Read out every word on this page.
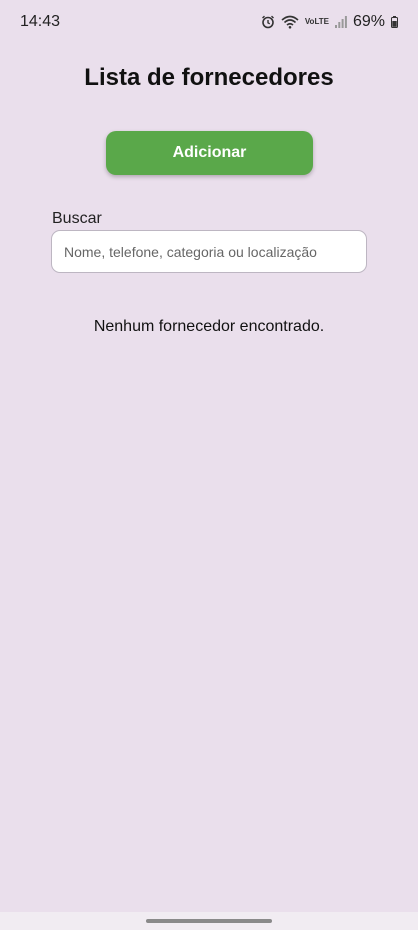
14:43	VoLTE 69%
Lista de fornecedores
Adicionar
Buscar
Nome, telefone, categoria ou localização
Nenhum fornecedor encontrado.
